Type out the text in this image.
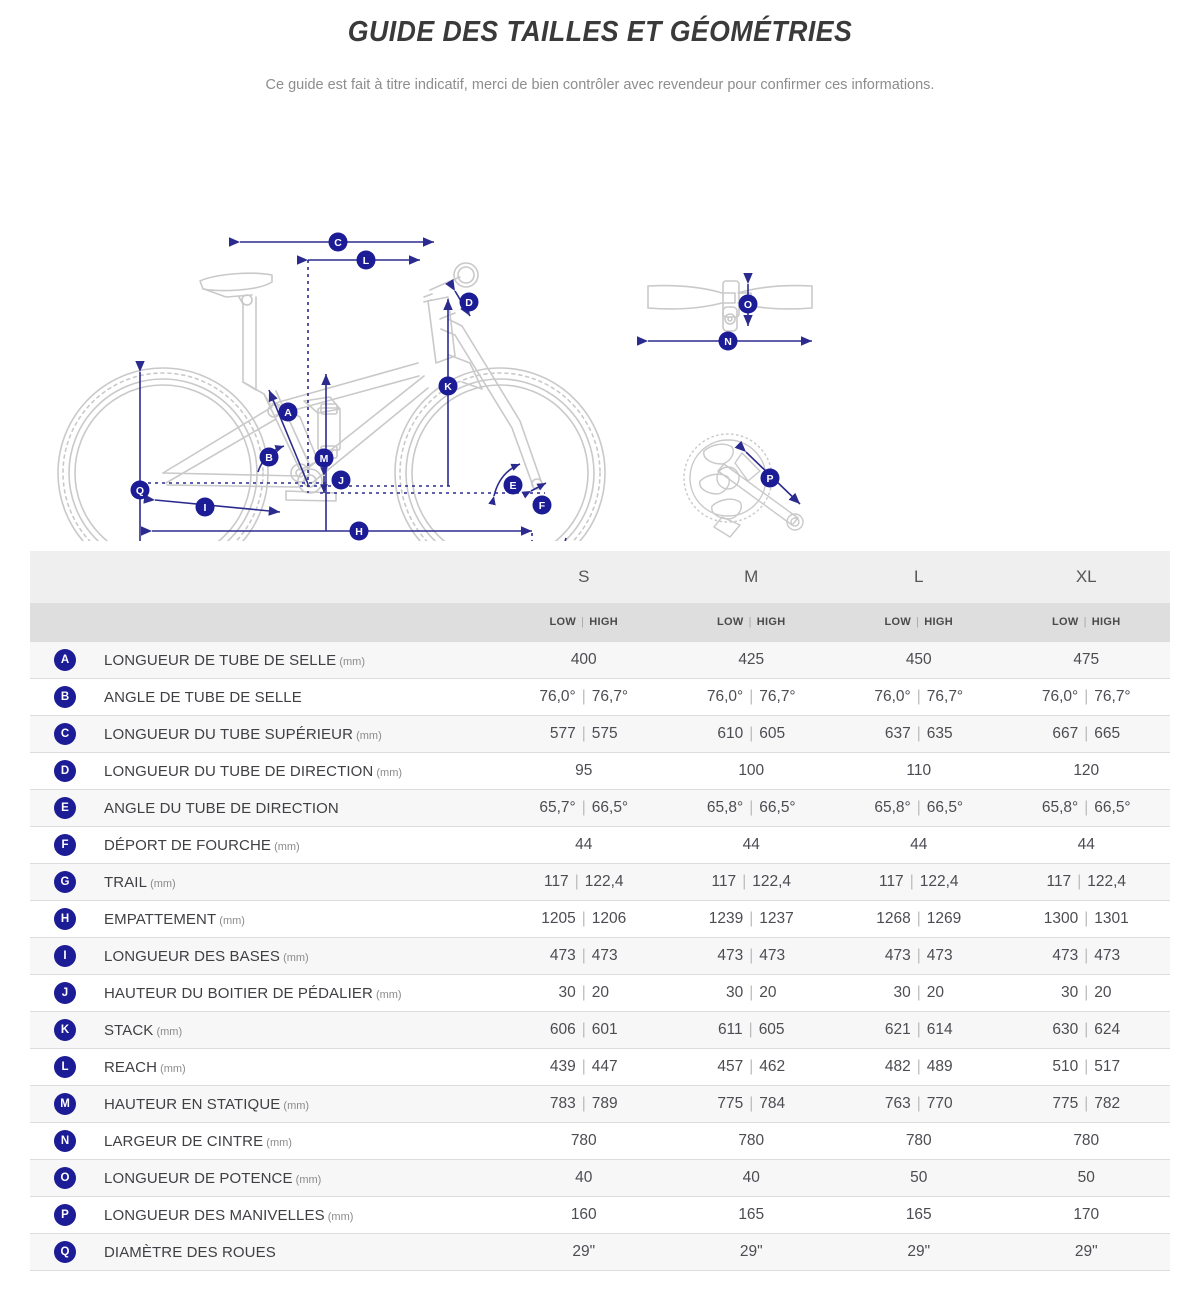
GUIDE DES TAILLES ET GÉOMÉTRIES

Ce guide est fait à titre indicatif, merci de bien contrôler avec revendeur pour confirmer ces informations.

C
L
A
B	M
J
K
D
E
F
Q
I
H
O
N
P
		S	M	L	XL
		LOW | HIGH	LOW | HIGH	LOW | HIGH	LOW | HIGH
A	LONGUEUR DE TUBE DE SELLE (mm)	400	425	450	475
B	ANGLE DE TUBE DE SELLE	76,0° | 76,7°	76,0° | 76,7°	76,0° | 76,7°	76,0° | 76,7°
C	LONGUEUR DU TUBE SUPÉRIEUR (mm)	577 | 575	610 | 605	637 | 635	667 | 665
D	LONGUEUR DU TUBE DE DIRECTION (mm)	95	100	110	120
E	ANGLE DU TUBE DE DIRECTION	65,7° | 66,5°	65,8° | 66,5°	65,8° | 66,5°	65,8° | 66,5°
F	DÉPORT DE FOURCHE (mm)	44	44	44	44
G	TRAIL (mm)	117 | 122,4	117 | 122,4	117 | 122,4	117 | 122,4
H	EMPATTEMENT (mm)	1205 | 1206	1239 | 1237	1268 | 1269	1300 | 1301
I	LONGUEUR DES BASES (mm)	473 | 473	473 | 473	473 | 473	473 | 473
J	HAUTEUR DU BOITIER DE PÉDALIER (mm)	30 | 20	30 | 20	30 | 20	30 | 20
K	STACK (mm)	606 | 601	611 | 605	621 | 614	630 | 624
L	REACH (mm)	439 | 447	457 | 462	482 | 489	510 | 517
M	HAUTEUR EN STATIQUE (mm)	783 | 789	775 | 784	763 | 770	775 | 782
N	LARGEUR DE CINTRE (mm)	780	780	780	780
O	LONGUEUR DE POTENCE (mm)	40	40	50	50
P	LONGUEUR DES MANIVELLES (mm)	160	165	165	170
Q	DIAMÈTRE DES ROUES	29"	29"	29"	29"
